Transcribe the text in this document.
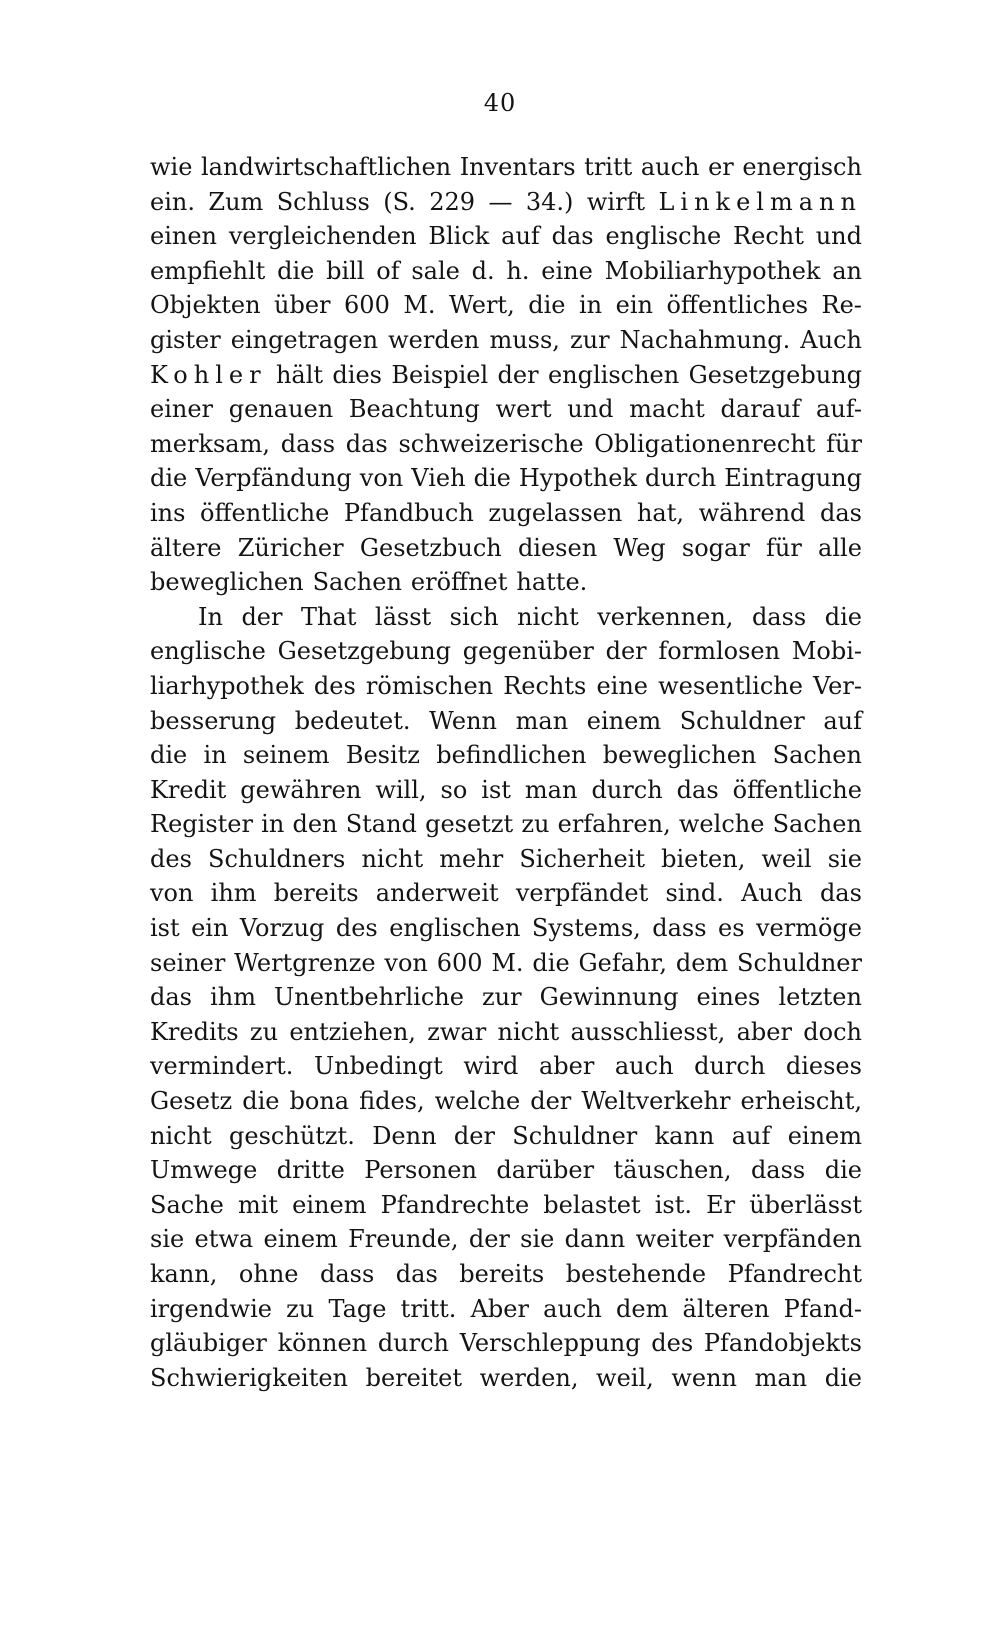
40
wie landwirtschaftlichen Inventars tritt auch er energisch
ein. Zum Schluss (S. 229 — 34.) wirft Linkelmann
einen vergleichenden Blick auf das englische Recht und
empfiehlt die bill of sale d. h. eine Mobiliarhypothek an
Objekten über 600 M. Wert, die in ein öffentliches Re-
gister eingetragen werden muss, zur Nachahmung. Auch
Kohler hält dies Beispiel der englischen Gesetzgebung
einer genauen Beachtung wert und macht darauf auf-
merksam, dass das schweizerische Obligationenrecht für
die Verpfändung von Vieh die Hypothek durch Eintragung
ins öffentliche Pfandbuch zugelassen hat, während das
ältere Züricher Gesetzbuch diesen Weg sogar für alle
beweglichen Sachen eröffnet hatte.
In der That lässt sich nicht verkennen, dass die
englische Gesetzgebung gegenüber der formlosen Mobi-
liarhypothek des römischen Rechts eine wesentliche Ver-
besserung bedeutet. Wenn man einem Schuldner auf
die in seinem Besitz befindlichen beweglichen Sachen
Kredit gewähren will, so ist man durch das öffentliche
Register in den Stand gesetzt zu erfahren, welche Sachen
des Schuldners nicht mehr Sicherheit bieten, weil sie
von ihm bereits anderweit verpfändet sind. Auch das
ist ein Vorzug des englischen Systems, dass es vermöge
seiner Wertgrenze von 600 M. die Gefahr, dem Schuldner
das ihm Unentbehrliche zur Gewinnung eines letzten
Kredits zu entziehen, zwar nicht ausschliesst, aber doch
vermindert. Unbedingt wird aber auch durch dieses
Gesetz die bona fides, welche der Weltverkehr erheischt,
nicht geschützt. Denn der Schuldner kann auf einem
Umwege dritte Personen darüber täuschen, dass die
Sache mit einem Pfandrechte belastet ist. Er überlässt
sie etwa einem Freunde, der sie dann weiter verpfänden
kann, ohne dass das bereits bestehende Pfandrecht
irgendwie zu Tage tritt. Aber auch dem älteren Pfand-
gläubiger können durch Verschleppung des Pfandobjekts
Schwierigkeiten bereitet werden, weil, wenn man die
